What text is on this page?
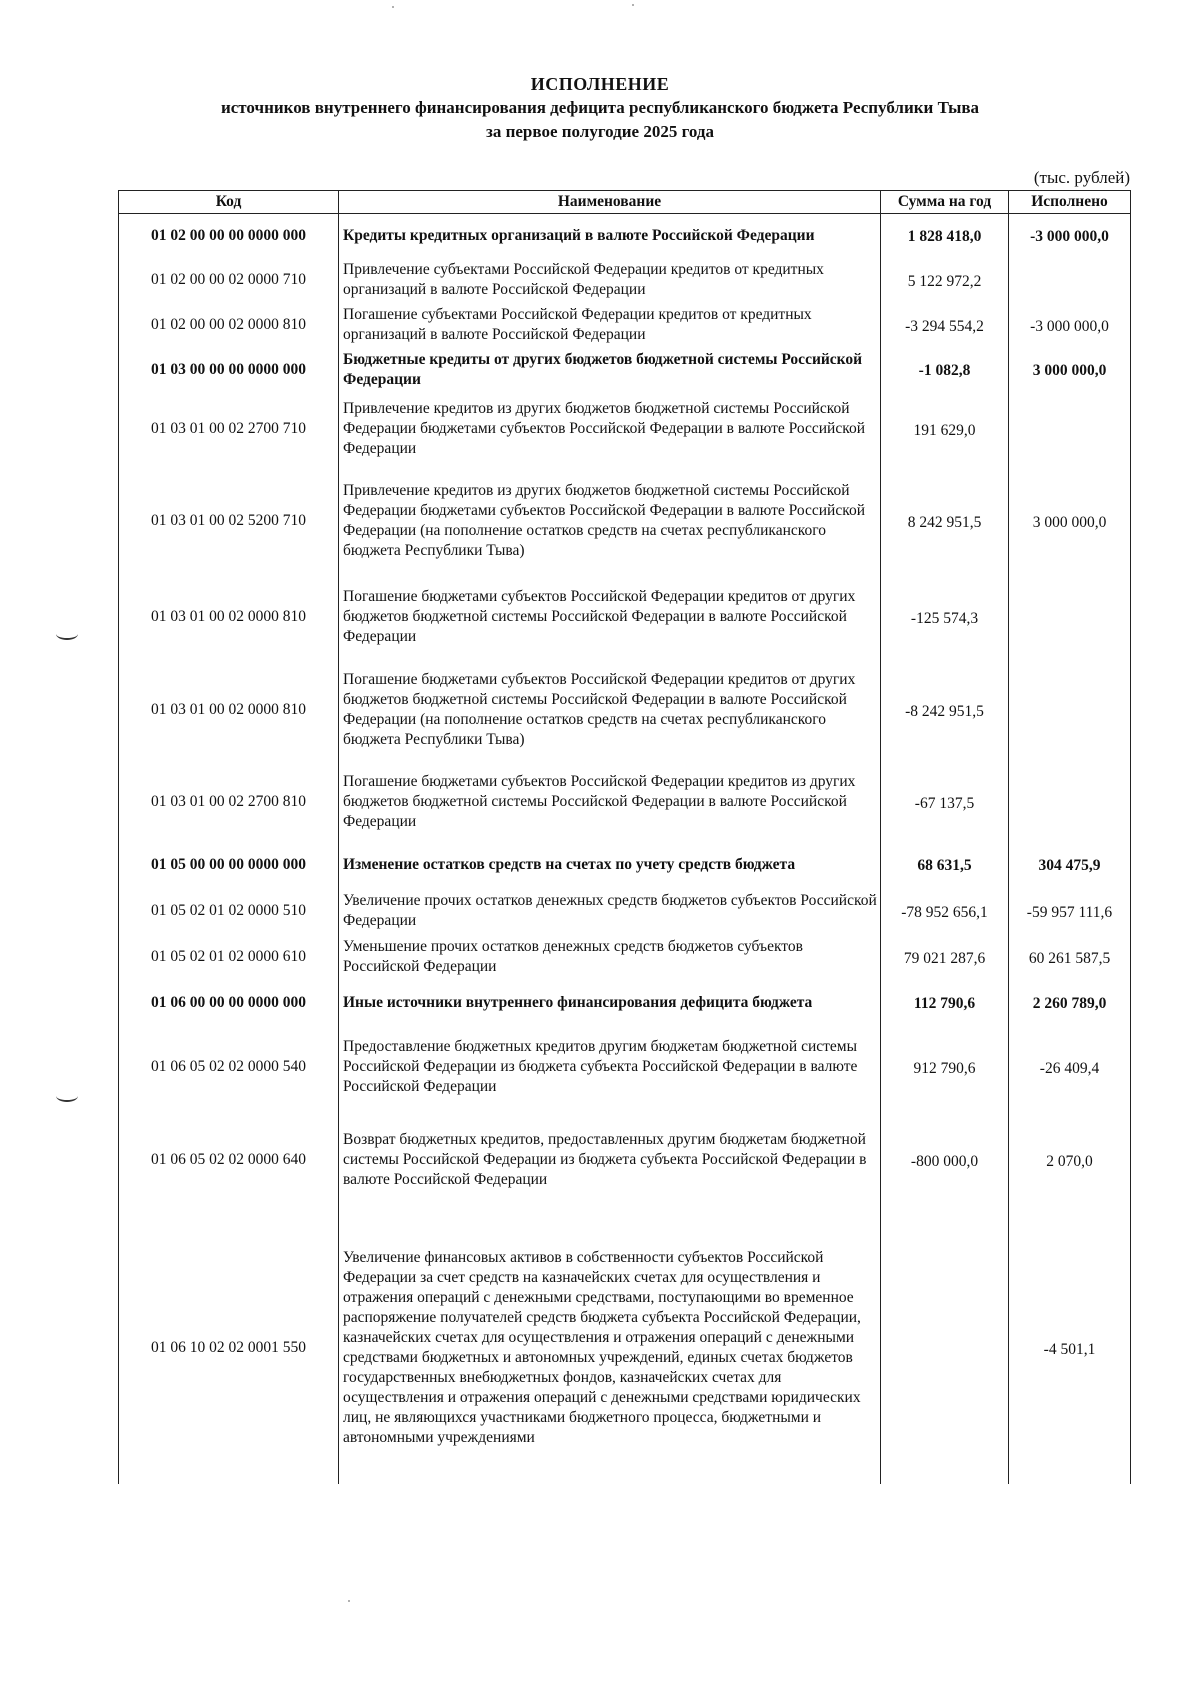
ИСПОЛНЕНИЕ
источников внутреннего финансирования дефицита республиканского бюджета Республики Тыва
за первое полугодие 2025 года
(тыс. рублей)
Код	Наименование	Сумма на год	Исполнено
01 02 00 00 00 0000 000	Кредиты кредитных организаций в валюте Российской Федерации	1 828 418,0	-3 000 000,0
01 02 00 00 02 0000 710	Привлечение субъектами Российской Федерации кредитов от кредитных организаций в валюте Российской Федерации	5 122 972,2	
01 02 00 00 02 0000 810	Погашение субъектами Российской Федерации кредитов от кредитных организаций в валюте Российской Федерации	-3 294 554,2	-3 000 000,0
01 03 00 00 00 0000 000	Бюджетные кредиты от других бюджетов бюджетной системы Российской Федерации	-1 082,8	3 000 000,0
01 03 01 00 02 2700 710	Привлечение кредитов из других бюджетов бюджетной системы Российской Федерации бюджетами субъектов Российской Федерации в валюте Российской Федерации	191 629,0	
01 03 01 00 02 5200 710	Привлечение кредитов из других бюджетов бюджетной системы Российской Федерации бюджетами субъектов Российской Федерации в валюте Российской Федерации (на пополнение остатков средств на счетах республиканского бюджета Республики Тыва)	8 242 951,5	3 000 000,0
01 03 01 00 02 0000 810	Погашение бюджетами субъектов Российской Федерации кредитов от других бюджетов бюджетной системы Российской Федерации в валюте Российской Федерации	-125 574,3	
01 03 01 00 02 0000 810	Погашение бюджетами субъектов Российской Федерации кредитов от других бюджетов бюджетной системы Российской Федерации в валюте Российской Федерации (на пополнение остатков средств на счетах республиканского бюджета Республики Тыва)	-8 242 951,5	
01 03 01 00 02 2700 810	Погашение бюджетами субъектов Российской Федерации кредитов из других бюджетов бюджетной системы Российской Федерации в валюте Российской Федерации	-67 137,5	
01 05 00 00 00 0000 000	Изменение остатков средств на счетах по учету средств бюджета	68 631,5	304 475,9
01 05 02 01 02 0000 510	Увеличение прочих остатков денежных средств бюджетов субъектов Российской Федерации	-78 952 656,1	-59 957 111,6
01 05 02 01 02 0000 610	Уменьшение прочих остатков денежных средств бюджетов субъектов Российской Федерации	79 021 287,6	60 261 587,5
01 06 00 00 00 0000 000	Иные источники внутреннего финансирования дефицита бюджета	112 790,6	2 260 789,0
01 06 05 02 02 0000 540	Предоставление бюджетных кредитов другим бюджетам бюджетной системы Российской Федерации из бюджета субъекта Российской Федерации в валюте Российской Федерации	912 790,6	-26 409,4
01 06 05 02 02 0000 640	Возврат бюджетных кредитов, предоставленных другим бюджетам бюджетной системы Российской Федерации из бюджета субъекта Российской Федерации в валюте Российской Федерации	-800 000,0	2 070,0
01 06 10 02 02 0001 550	Увеличение финансовых активов в собственности субъектов Российской Федерации за счет средств на казначейских счетах для осуществления и отражения операций с денежными средствами, поступающими во временное распоряжение получателей средств бюджета субъекта Российской Федерации, казначейских счетах для осуществления и отражения операций с денежными средствами бюджетных и автономных учреждений, единых счетах бюджетов государственных внебюджетных фондов, казначейских счетах для осуществления и отражения операций с денежными средствами юридических лиц, не являющихся участниками бюджетного процесса, бюджетными и автономными учреждениями		-4 501,1
